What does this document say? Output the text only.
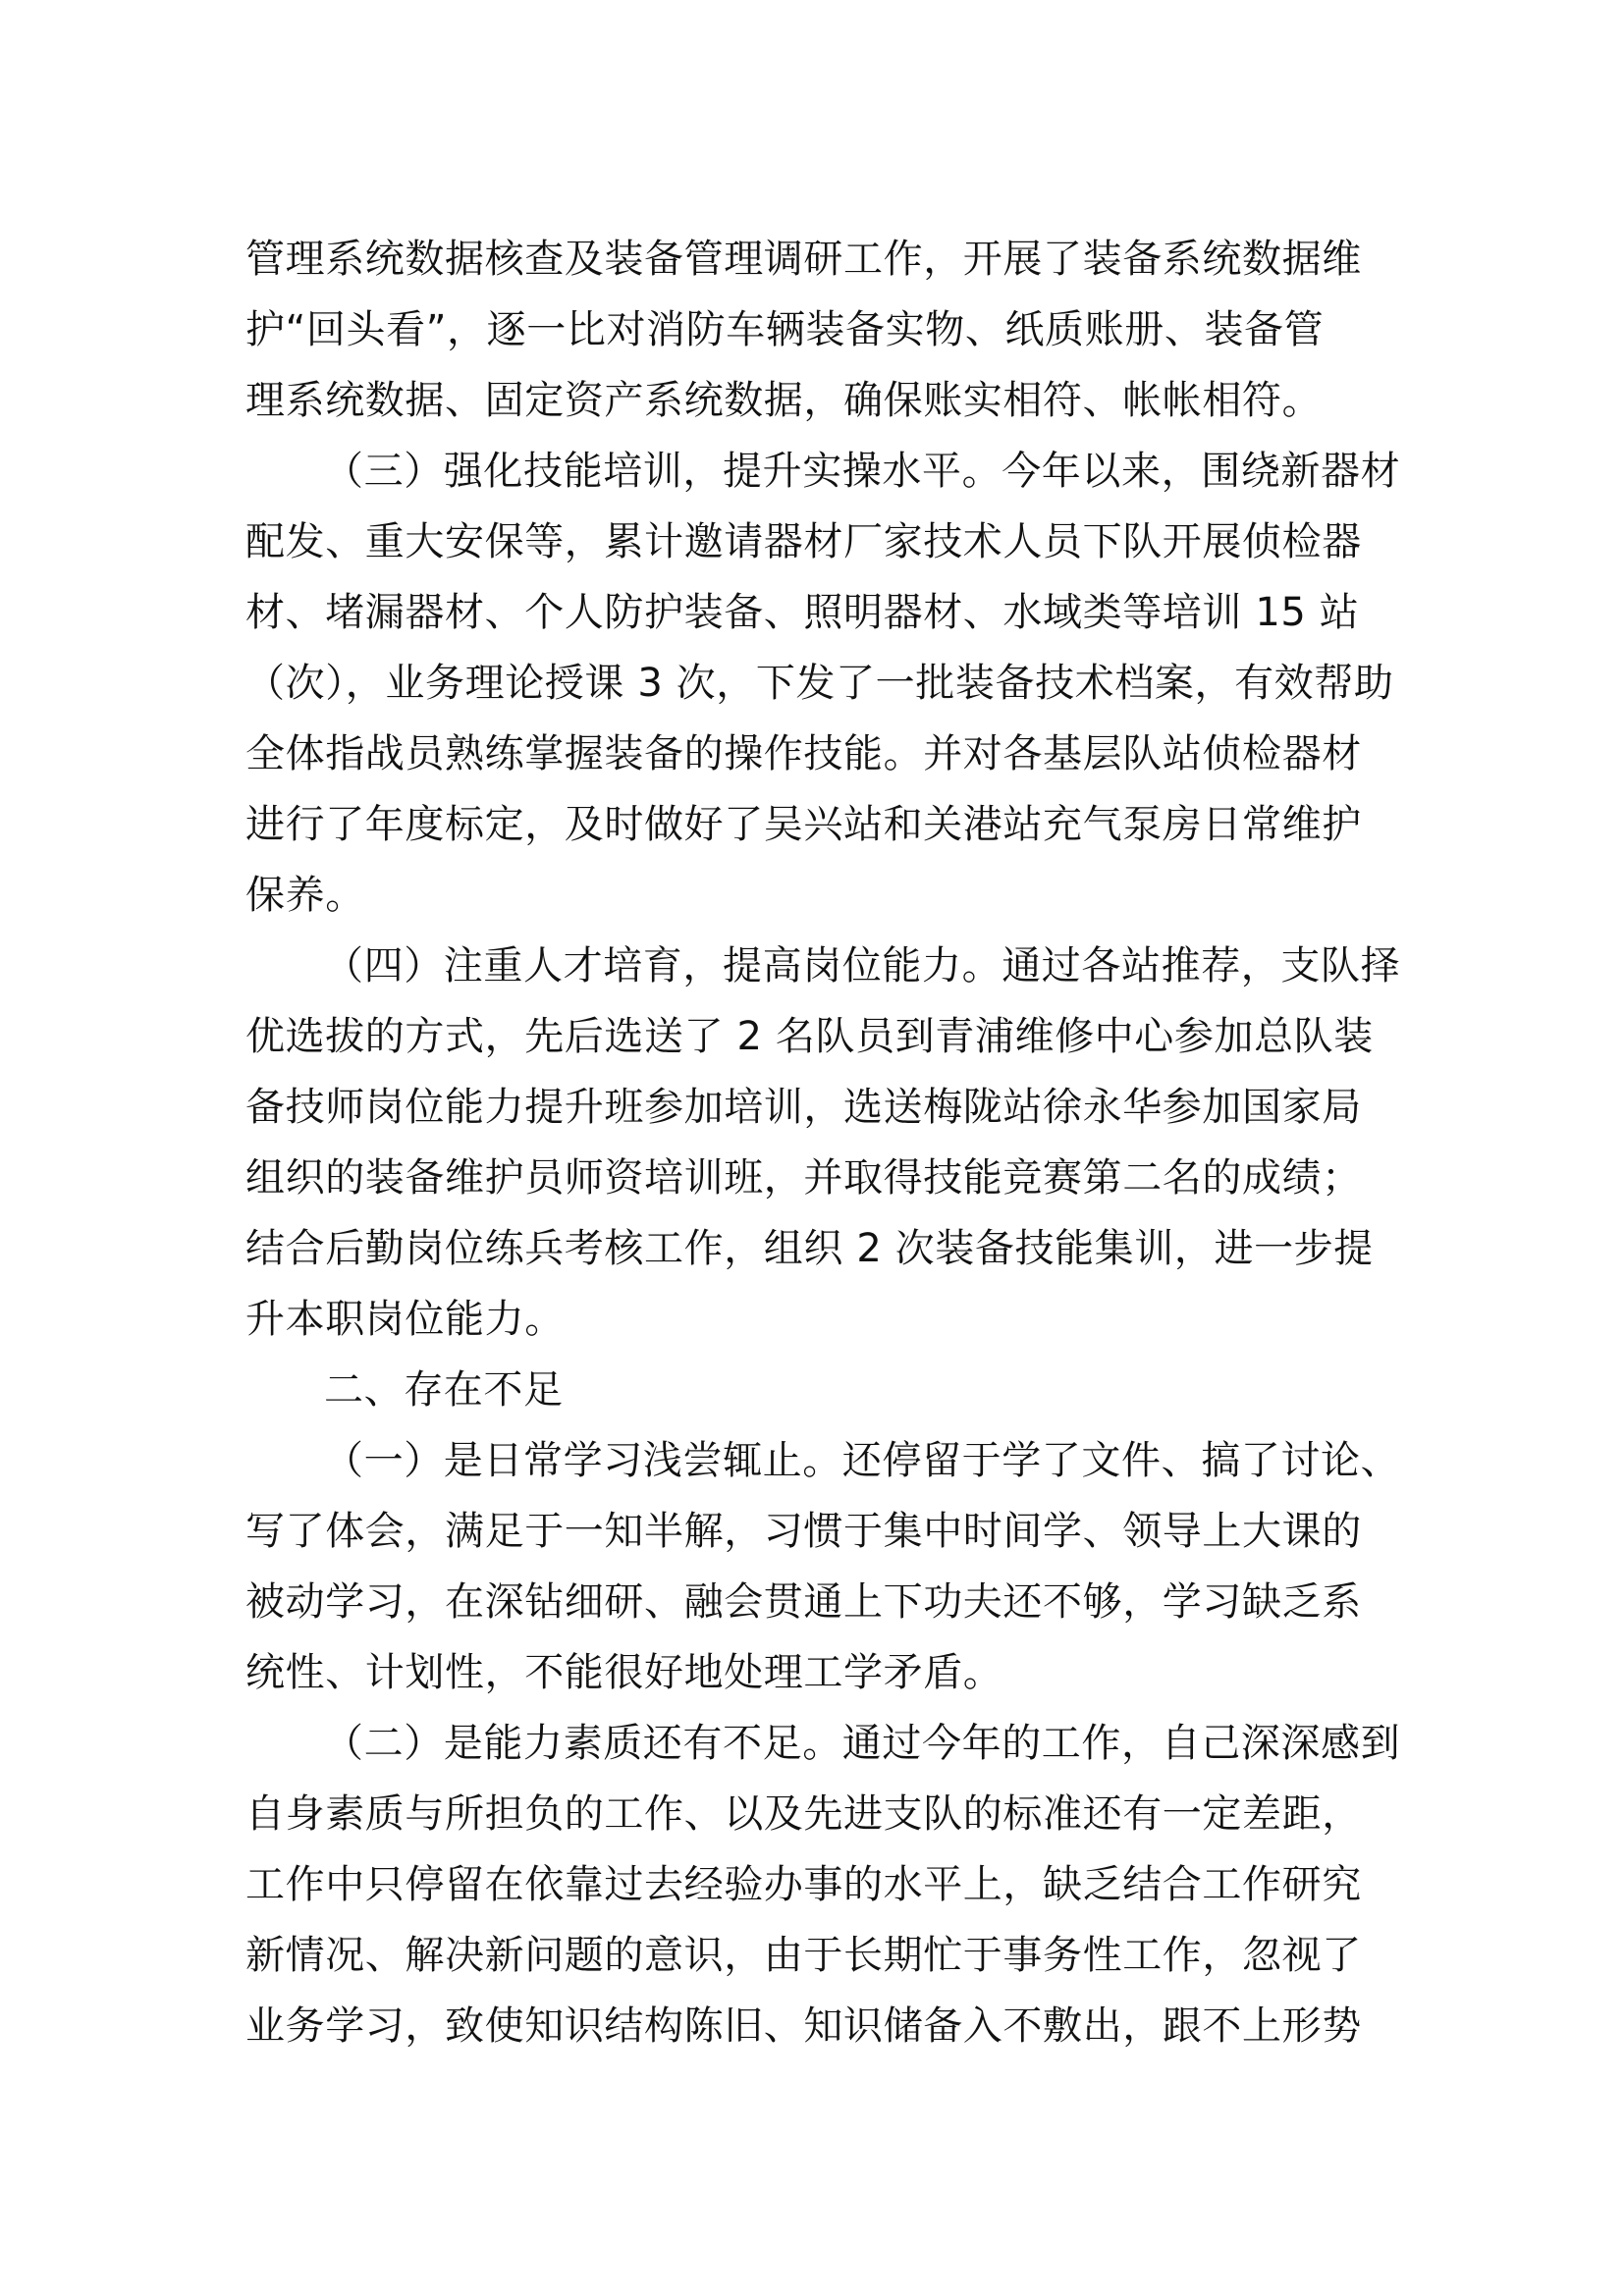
管理系统数据核查及装备管理调研工作，开展了装备系统数据维
护“回头看”，逐一比对消防车辆装备实物、纸质账册、装备管
理系统数据、固定资产系统数据，确保账实相符、帐帐相符。
（三）强化技能培训，提升实操水平。今年以来，围绕新器材
配发、重大安保等，累计邀请器材厂家技术人员下队开展侦检器
材、堵漏器材、个人防护装备、照明器材、水域类等培训 15 站
（次），业务理论授课 3 次，下发了一批装备技术档案，有效帮助
全体指战员熟练掌握装备的操作技能。并对各基层队站侦检器材
进行了年度标定，及时做好了吴兴站和关港站充气泵房日常维护
保养。
（四）注重人才培育，提高岗位能力。通过各站推荐，支队择
优选拔的方式，先后选送了 2 名队员到青浦维修中心参加总队装
备技师岗位能力提升班参加培训，选送梅陇站徐永华参加国家局
组织的装备维护员师资培训班，并取得技能竞赛第二名的成绩；
结合后勤岗位练兵考核工作，组织 2 次装备技能集训，进一步提
升本职岗位能力。
二、存在不足
（一）是日常学习浅尝辄止。还停留于学了文件、搞了讨论、
写了体会，满足于一知半解，习惯于集中时间学、领导上大课的
被动学习，在深钻细研、融会贯通上下功夫还不够，学习缺乏系
统性、计划性，不能很好地处理工学矛盾。
（二）是能力素质还有不足。通过今年的工作，自己深深感到
自身素质与所担负的工作、以及先进支队的标准还有一定差距，
工作中只停留在依靠过去经验办事的水平上，缺乏结合工作研究
新情况、解决新问题的意识，由于长期忙于事务性工作，忽视了
业务学习，致使知识结构陈旧、知识储备入不敷出，跟不上形势
